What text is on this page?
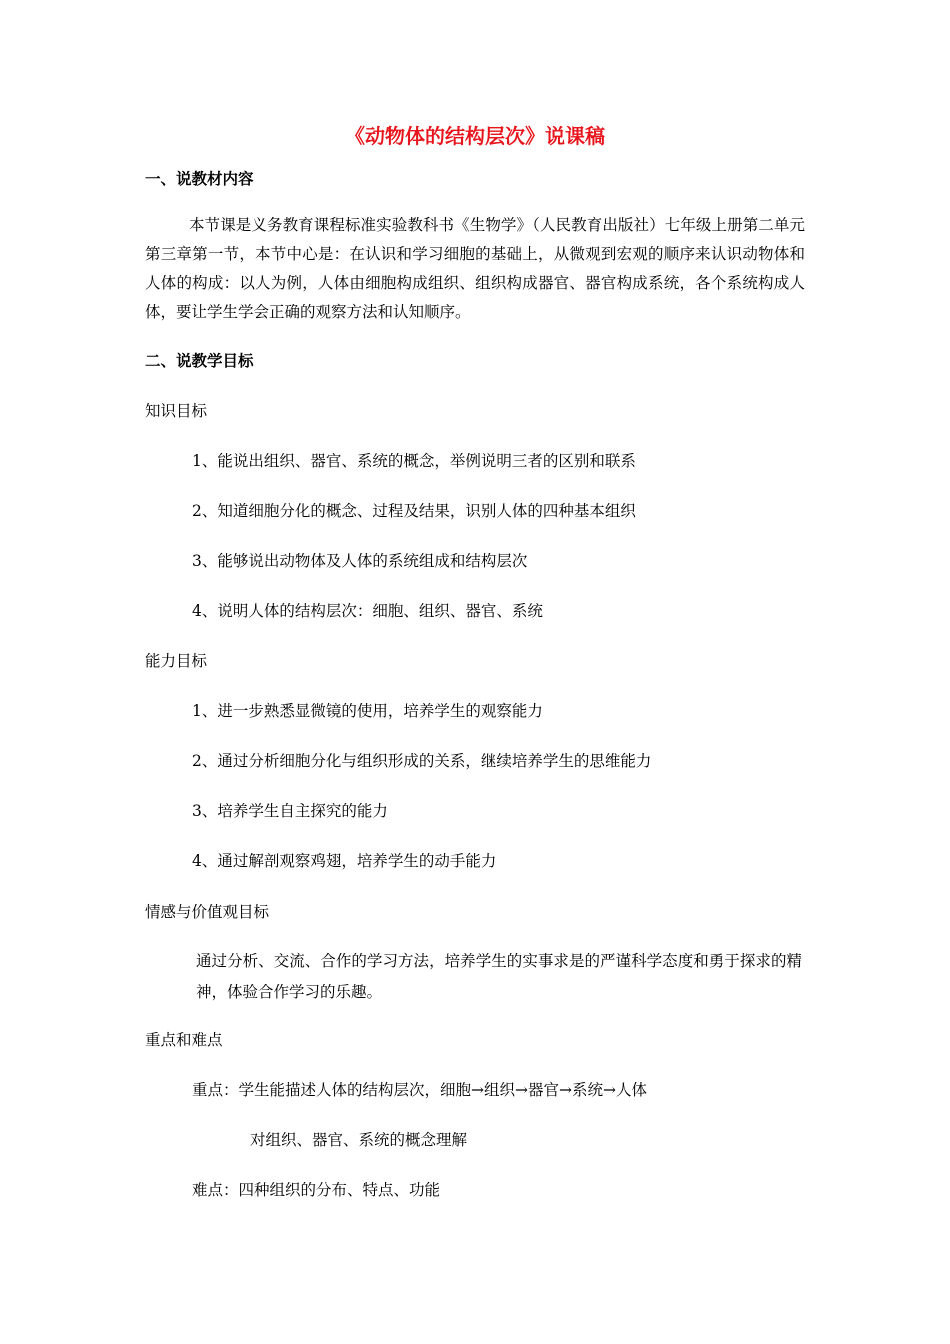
《动物体的结构层次》说课稿
一、说教材内容
本节课是义务教育课程标准实验教科书《生物学》（人民教育出版社）七年级上册第二单元第三章第一节，本节中心是：在认识和学习细胞的基础上，从微观到宏观的顺序来认识动物体和人体的构成：以人为例，人体由细胞构成组织、组织构成器官、器官构成系统，各个系统构成人体，要让学生学会正确的观察方法和认知顺序。
二、说教学目标
知识目标
1、能说出组织、器官、系统的概念，举例说明三者的区别和联系
2、知道细胞分化的概念、过程及结果，识别人体的四种基本组织
3、能够说出动物体及人体的系统组成和结构层次
4、说明人体的结构层次：细胞、组织、器官、系统
能力目标
1、进一步熟悉显微镜的使用，培养学生的观察能力
2、通过分析细胞分化与组织形成的关系，继续培养学生的思维能力
3、培养学生自主探究的能力
4、通过解剖观察鸡翅，培养学生的动手能力
情感与价值观目标
通过分析、交流、合作的学习方法，培养学生的实事求是的严谨科学态度和勇于探求的精神，体验合作学习的乐趣。
重点和难点
重点：学生能描述人体的结构层次，细胞→组织→器官→系统→人体
对组织、器官、系统的概念理解
难点：四种组织的分布、特点、功能
